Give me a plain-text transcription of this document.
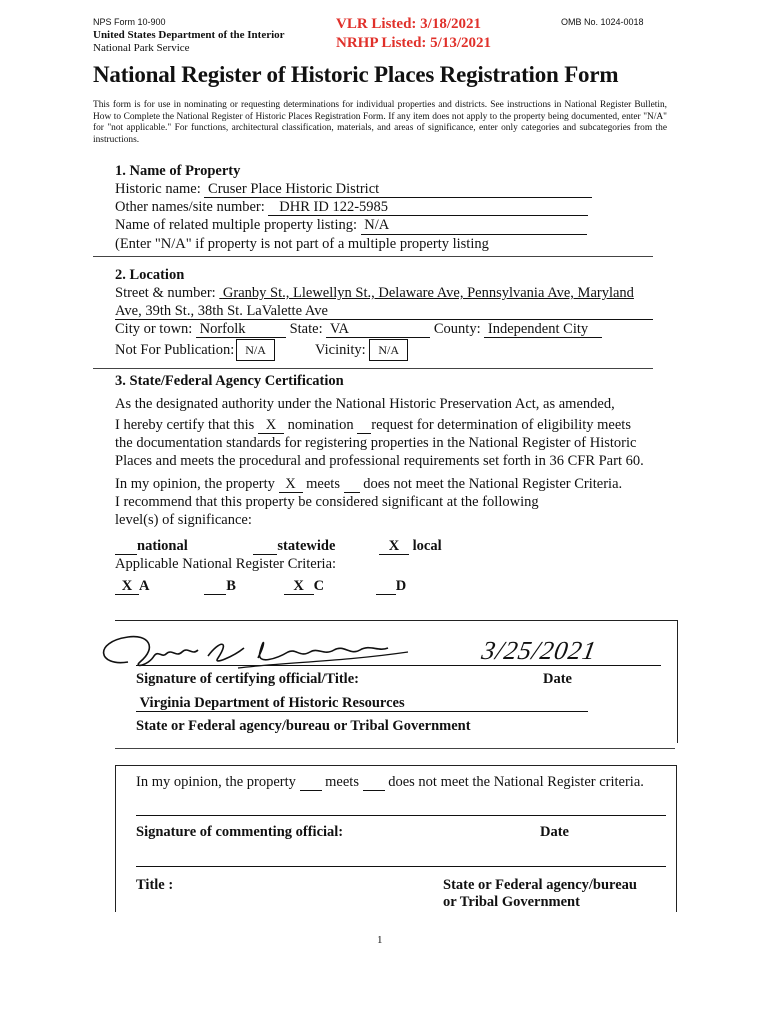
NPS Form 10-900
United States Department of the Interior
National Park Service
VLR Listed: 3/18/2021
NRHP Listed: 5/13/2021
OMB No. 1024-0018
National Register of Historic Places Registration Form
This form is for use in nominating or requesting determinations for individual properties and districts. See instructions in National Register Bulletin, How to Complete the National Register of Historic Places Registration Form. If any item does not apply to the property being documented, enter "N/A" for "not applicable." For functions, architectural classification, materials, and areas of significance, enter only categories and subcategories from the instructions.
1. Name of Property
Historic name: Cruser Place Historic District
Other names/site number: DHR ID 122-5985
Name of related multiple property listing: N/A
(Enter "N/A" if property is not part of a multiple property listing
2. Location
Street & number: Granby St., Llewellyn St., Delaware Ave, Pennsylvania Ave, Maryland
Ave, 39th St., 38th St. LaValette Ave
City or town: Norfolk	State: VA	County: Independent City
Not For Publication: N/A	Vicinity: N/A
3. State/Federal Agency Certification
As the designated authority under the National Historic Preservation Act, as amended,
I hereby certify that this X nomination request for determination of eligibility meets
the documentation standards for registering properties in the National Register of Historic
Places and meets the procedural and professional requirements set forth in 36 CFR Part 60.
In my opinion, the property X meets does not meet the National Register Criteria.
I recommend that this property be considered significant at the following
level(s) of significance:
national	statewide	X local
Applicable National Register Criteria:
X A	B	X C	D
3/25/2021
Signature of certifying official/Title:	Date
Virginia Department of Historic Resources
State or Federal agency/bureau or Tribal Government
In my opinion, the property meets does not meet the National Register criteria.
Signature of commenting official:	Date
Title :	State or Federal agency/bureau
or Tribal Government
1
